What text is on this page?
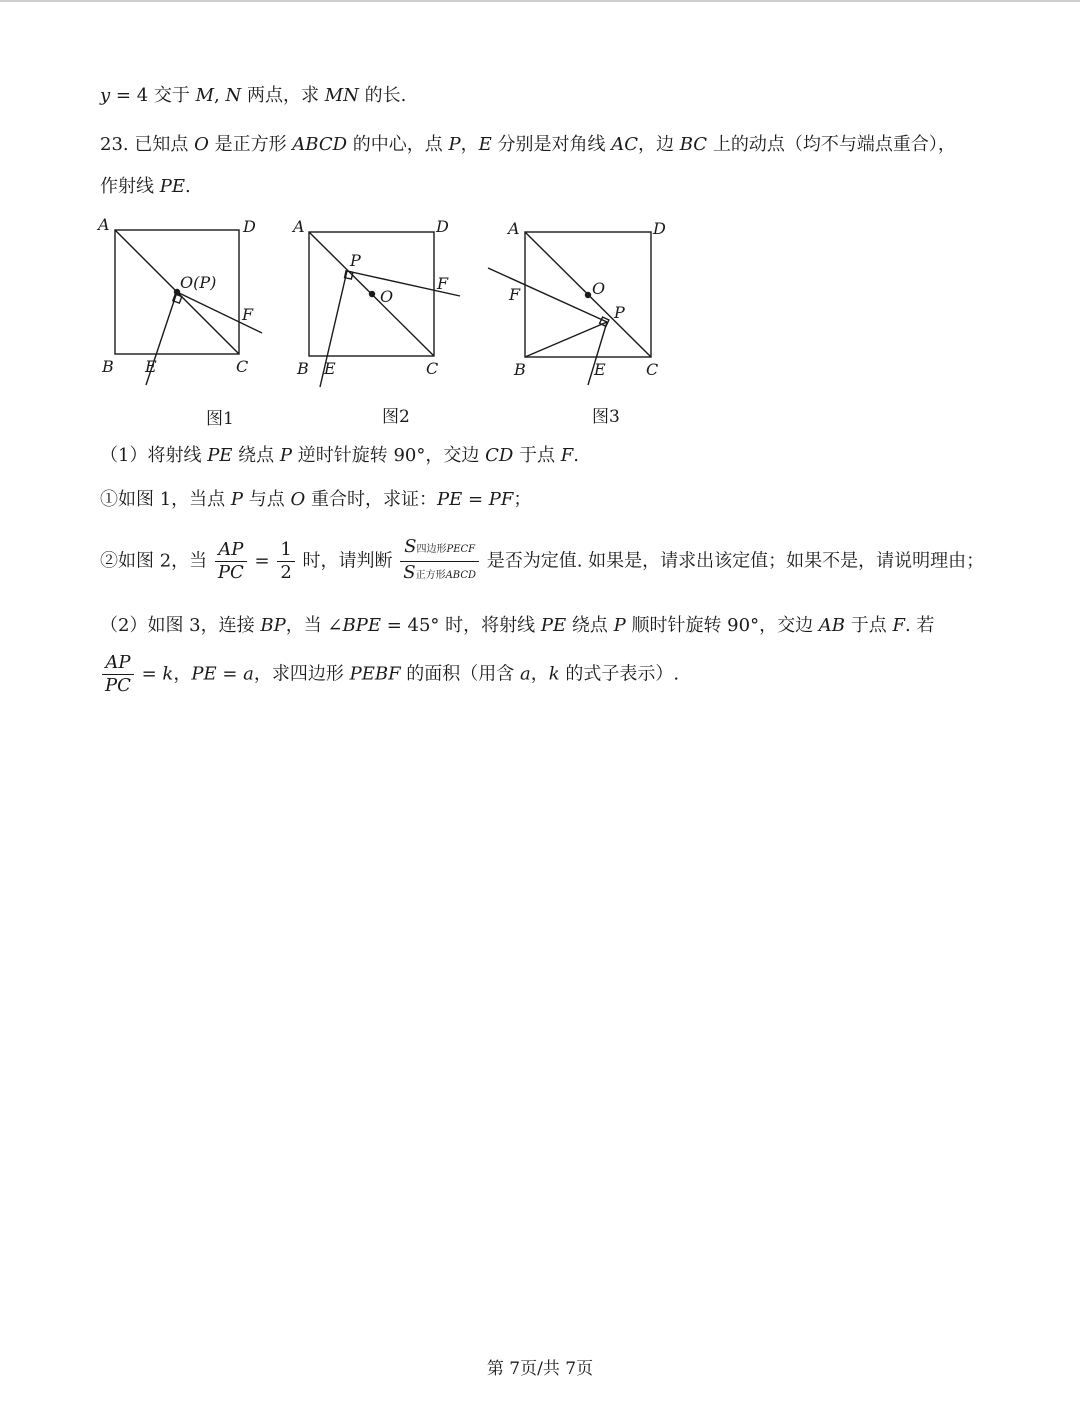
y = 4 交于 M, N 两点，求 MN 的长.
23. 已知点 O 是正方形 ABCD 的中心，点 P，E 分别是对角线 AC，边 BC 上的动点（均不与端点重合），
作射线 PE.
A	D
O(P)
F
B E	C
A	D
P
O
F
B E	C
A	D
O
F
P
B	E	C
图1	图2	图3
（1）将射线 PE 绕点 P 逆时针旋转 90°，交边 CD 于点 F.
①如图 1，当点 P 与点 O 重合时，求证：PE = PF；
②如图 2，当 $\frac{AP}{PC} = \frac{1}{2}$ 时，请判断 $\frac{\text{S四边形PECF}}{\text{S正方形ABCD}}$ 是否为定值. 如果是，请求出该定值；如果不是，请说明理由；
（2）如图 3，连接 BP，当 ∠BPE = 45° 时，将射线 PE 绕点 P 顺时针旋转 90°，交边 AB 于点 F. 若
$\frac{AP}{PC} = k$，PE = a，求四边形 PEBF 的面积（用含 a，k 的式子表示）.
第 7页/共 7页
